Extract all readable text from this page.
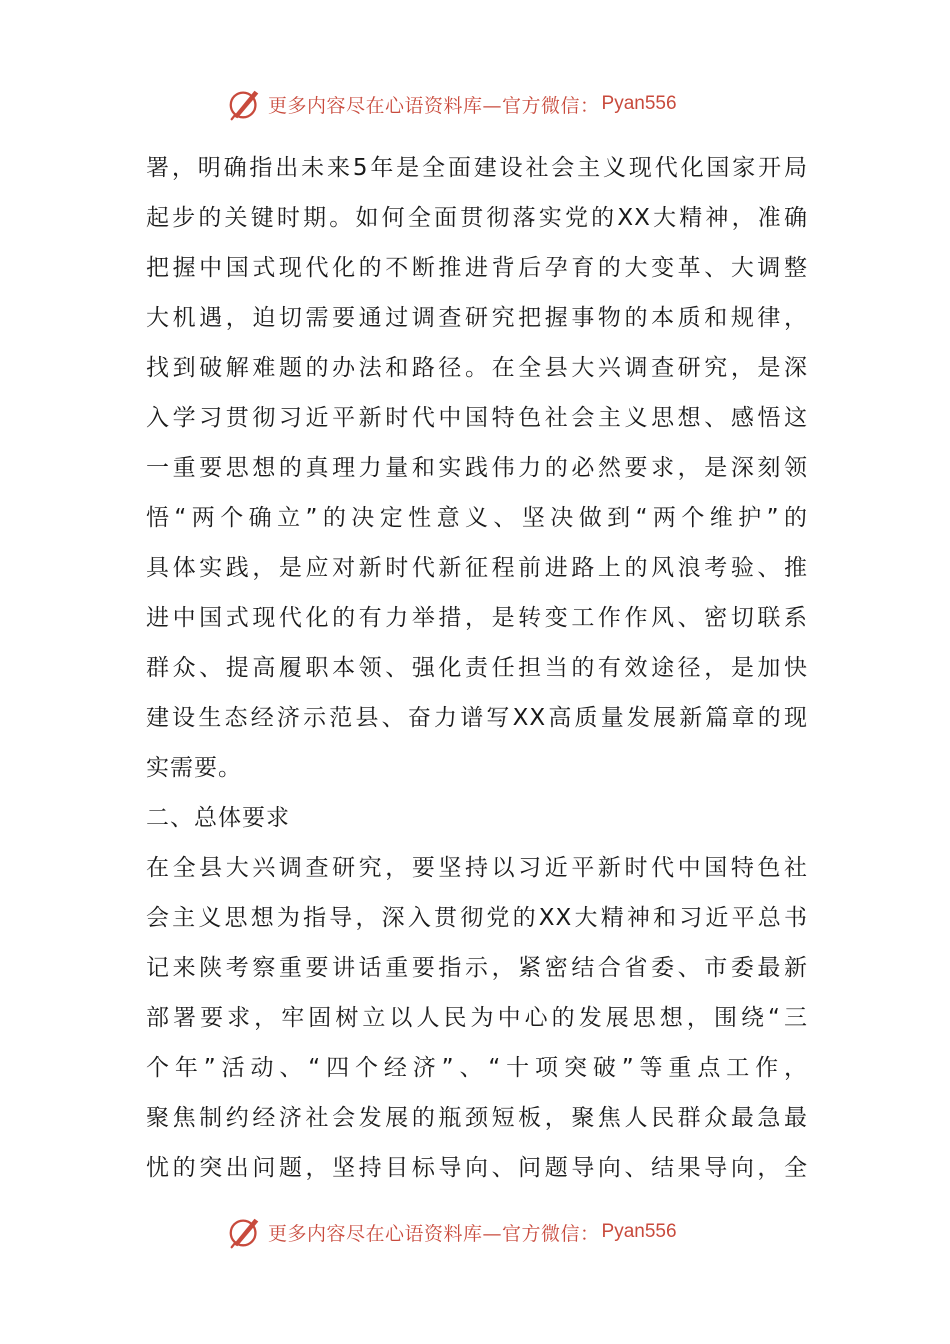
更多内容尽在心语资料库—官方微信： Pyan556
署，明确指出未来5年是全面建设社会主义现代化国家开局
起步的关键时期。如何全面贯彻落实党的XX大精神，准确
把握中国式现代化的不断推进背后孕育的大变革、大调整
大机遇，迫切需要通过调查研究把握事物的本质和规律，
找到破解难题的办法和路径。在全县大兴调查研究，是深
入学习贯彻习近平新时代中国特色社会主义思想、感悟这
一重要思想的真理力量和实践伟力的必然要求，是深刻领
悟“两个确立”的决定性意义、坚决做到“两个维护”的
具体实践，是应对新时代新征程前进路上的风浪考验、推
进中国式现代化的有力举措，是转变工作作风、密切联系
群众、提高履职本领、强化责任担当的有效途径，是加快
建设生态经济示范县、奋力谱写XX高质量发展新篇章的现
实需要。
二、总体要求
在全县大兴调查研究，要坚持以习近平新时代中国特色社
会主义思想为指导，深入贯彻党的XX大精神和习近平总书
记来陕考察重要讲话重要指示，紧密结合省委、市委最新
部署要求，牢固树立以人民为中心的发展思想，围绕“三
个年”活动、“四个经济”、“十项突破”等重点工作，
聚焦制约经济社会发展的瓶颈短板，聚焦人民群众最急最
忧的突出问题，坚持目标导向、问题导向、结果导向，全
更多内容尽在心语资料库—官方微信： Pyan556
